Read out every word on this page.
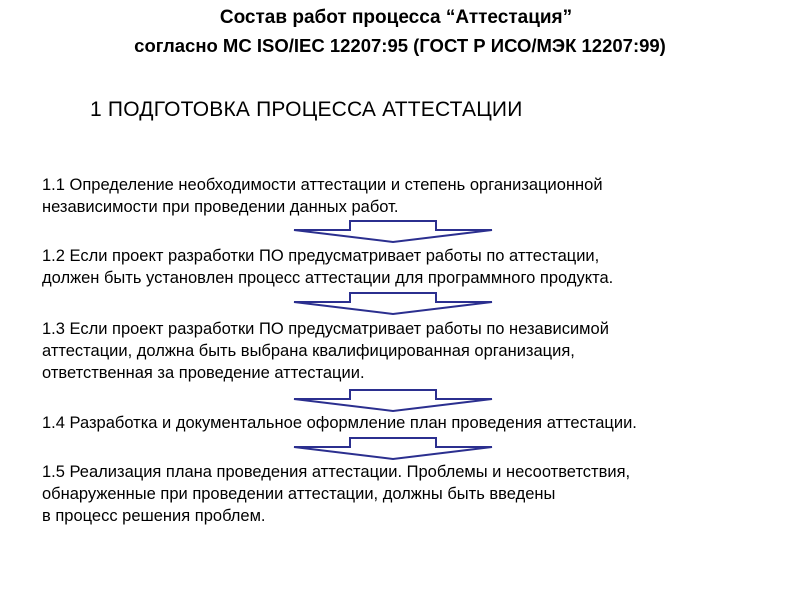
Состав работ процесса “Аттестация”
согласно МС ISO/IEC 12207:95 (ГОСТ Р ИСО/МЭК 12207:99)
1 ПОДГОТОВКА ПРОЦЕССА АТТЕСТАЦИИ
1.1 Определение необходимости аттестации и степень организационной
независимости при проведении данных работ.
1.2 Если проект разработки ПО предусматривает работы по аттестации,
должен быть установлен процесс аттестации для программного продукта.
1.3 Если проект разработки ПО предусматривает работы по независимой
аттестации, должна быть выбрана квалифицированная организация,
ответственная за проведение аттестации.
1.4 Разработка и документальное оформление план проведения аттестации.
1.5 Реализация плана проведения аттестации. Проблемы и несоответствия,
обнаруженные при проведении аттестации, должны быть введены
в процесс решения проблем.
